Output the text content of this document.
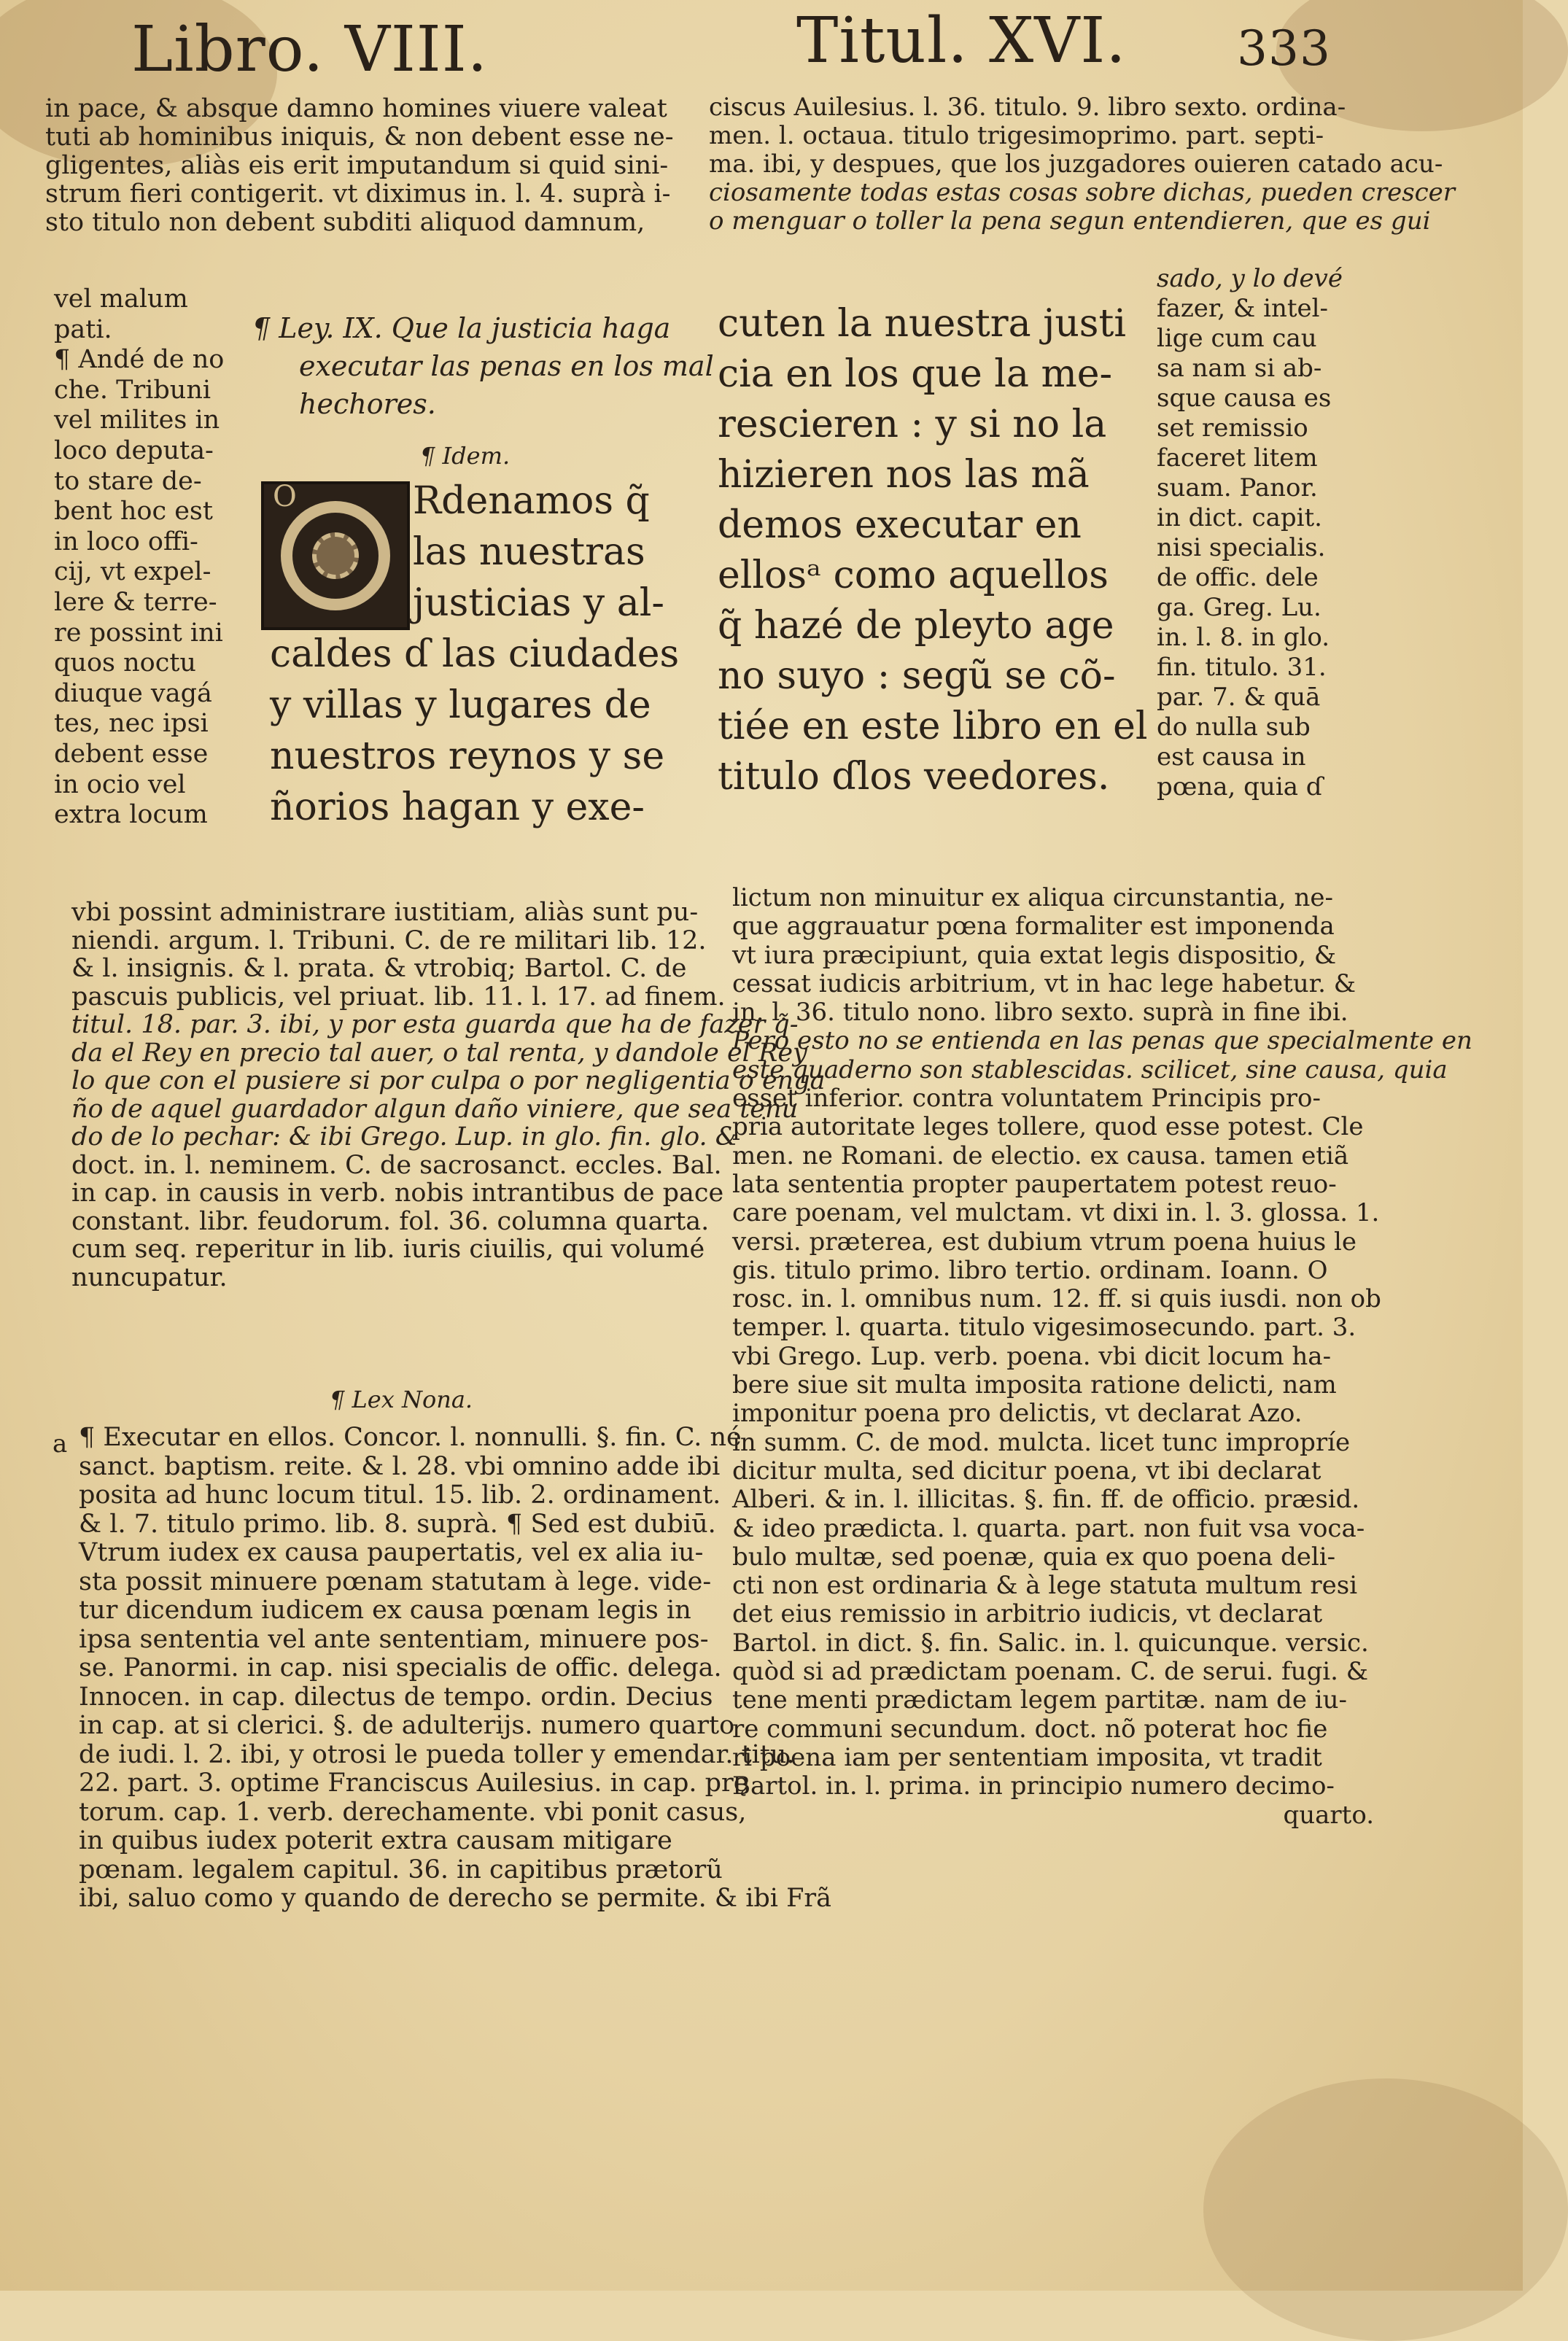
Libro. VIII.	Titul. XVI. 333
in pace, & absque damno homines viuere valeat
tuti ab hominibus iniquis, & non debent esse ne-
gligentes, aliàs eis erit imputandum si quid sini-
strum fieri contigerit. vt diximus in. l. 4. suprà i-
sto titulo non debent subditi aliquod damnum,
vel malum
pati.
¶ Andé de no
che. Tribuni
vel milites in
loco deputa-
to stare de-
bent hoc est
in loco offi-
cij, vt expel-
lere & terre-
re possint ini
quos noctu
diuque vagá
tes, nec ipsi
debent esse
in ocio vel
extra locum
¶ Ley. IX. Que la justicia haga
executar las penas en los mal
hechores.
¶ Idem.
O	Rdenamos q̃
las nuestras
justicias y al-
caldes ɗ las ciudades
y villas y lugares de
nuestros reynos y se
ñorios hagan y exe-
vbi possint administrare iustitiam, aliàs sunt pu-
niendi. argum. l. Tribuni. C. de re militari lib. 12.
& l. insignis. & l. prata. & vtrobiq; Bartol. C. de
pascuis publicis, vel priuat. lib. 11. l. 17. ad finem.
titul. 18. par. 3. ibi, y por esta guarda que ha de fazer q̃-
da el Rey en precio tal auer, o tal renta, y dandole el Rey
lo que con el pusiere si por culpa o por negligentia o enga
ño de aquel guardador algun daño viniere, que sea tenu
do de lo pechar: & ibi Grego. Lup. in glo. fin. glo. &
doct. in. l. neminem. C. de sacrosanct. eccles. Bal.
in cap. in causis in verb. nobis intrantibus de pace
constant. libr. feudorum. fol. 36. columna quarta.
cum seq. reperitur in lib. iuris ciuilis, qui volumé
nuncupatur.
¶ Lex Nona.
a ¶ Executar en ellos. Concor. l. nonnulli. §. fin. C. né
sanct. baptism. reite. & l. 28. vbi omnino adde ibi
posita ad hunc locum titul. 15. lib. 2. ordinament.
& l. 7. titulo primo. lib. 8. suprà. ¶ Sed est dubiū.
Vtrum iudex ex causa paupertatis, vel ex alia iu-
sta possit minuere pœnam statutam à lege. vide-
tur dicendum iudicem ex causa pœnam legis in
ipsa sententia vel ante sententiam, minuere pos-
se. Panormi. in cap. nisi specialis de offic. delega.
Innocen. in cap. dilectus de tempo. ordin. Decius
in cap. at si clerici. §. de adulterijs. numero quarto
de iudi. l. 2. ibi, y otrosi le pueda toller y emendar. titu.
22. part. 3. optime Franciscus Auilesius. in cap. prę
torum. cap. 1. verb. derechamente. vbi ponit casus,
in quibus iudex poterit extra causam mitigare
pœnam. legalem capitul. 36. in capitibus prætorũ
ibi, saluo como y quando de derecho se permite. & ibi Frã
ciscus Auilesius. l. 36. titulo. 9. libro sexto. ordina-
men. l. octaua. titulo trigesimoprimo. part. septi-
ma. ibi, y despues, que los juzgadores ouieren catado acu-
ciosamente todas estas cosas sobre dichas, pueden crescer
o menguar o toller la pena segun entendieren, que es gui
cuten la nuestra justi
cia en los que la me-
rescieren : y si no la
hizieren nos las mã
demos executar en
ellosᵃ como aquellos
q̃ hazé de pleyto age
no suyo : segũ se cõ-
tiée en este libro en el
titulo ɗlos veedores.
sado, y lo devé
fazer, & intel-
lige cum cau
sa nam si ab-
sque causa es
set remissio
faceret litem
suam. Panor.
in dict. capit.
nisi specialis.
de offic. dele
ga. Greg. Lu.
in. l. 8. in glo.
fin. titulo. 31.
par. 7. & quā
do nulla sub
est causa in
pœna, quia ɗ
lictum non minuitur ex aliqua circunstantia, ne-
que aggrauatur pœna formaliter est imponenda
vt iura præcipiunt, quia extat legis dispositio, &
cessat iudicis arbitrium, vt in hac lege habetur. &
in. l. 36. titulo nono. libro sexto. suprà in fine ibi.
Pero esto no se entienda en las penas que specialmente en
este quaderno son stablescidas. scilicet, sine causa, quia
esset inferior. contra voluntatem Principis pro-
pria autoritate leges tollere, quod esse potest. Cle
men. ne Romani. de electio. ex causa. tamen etiã
lata sententia propter paupertatem potest reuo-
care poenam, vel mulctam. vt dixi in. l. 3. glossa. 1.
versi. præterea, est dubium vtrum poena huius le
gis. titulo primo. libro tertio. ordinam. Ioann. O
rosc. in. l. omnibus num. 12. ff. si quis iusdi. non ob
temper. l. quarta. titulo vigesimosecundo. part. 3.
vbi Grego. Lup. verb. poena. vbi dicit locum ha-
bere siue sit multa imposita ratione delicti, nam
imponitur poena pro delictis, vt declarat Azo.
in summ. C. de mod. mulcta. licet tunc impropríe
dicitur multa, sed dicitur poena, vt ibi declarat
Alberi. & in. l. illicitas. §. fin. ff. de officio. præsid.
& ideo prædicta. l. quarta. part. non fuit vsa voca-
bulo multæ, sed poenæ, quia ex quo poena deli-
cti non est ordinaria & à lege statuta multum resi
det eius remissio in arbitrio iudicis, vt declarat
Bartol. in dict. §. fin. Salic. in. l. quicunque. versic.
quòd si ad prædictam poenam. C. de serui. fugi. &
tene menti prædictam legem partitæ. nam de iu-
re communi secundum. doct. nõ poterat hoc fie
ri poena iam per sententiam imposita, vt tradit
Bartol. in. l. prima. in principio numero decimo-
quarto.
